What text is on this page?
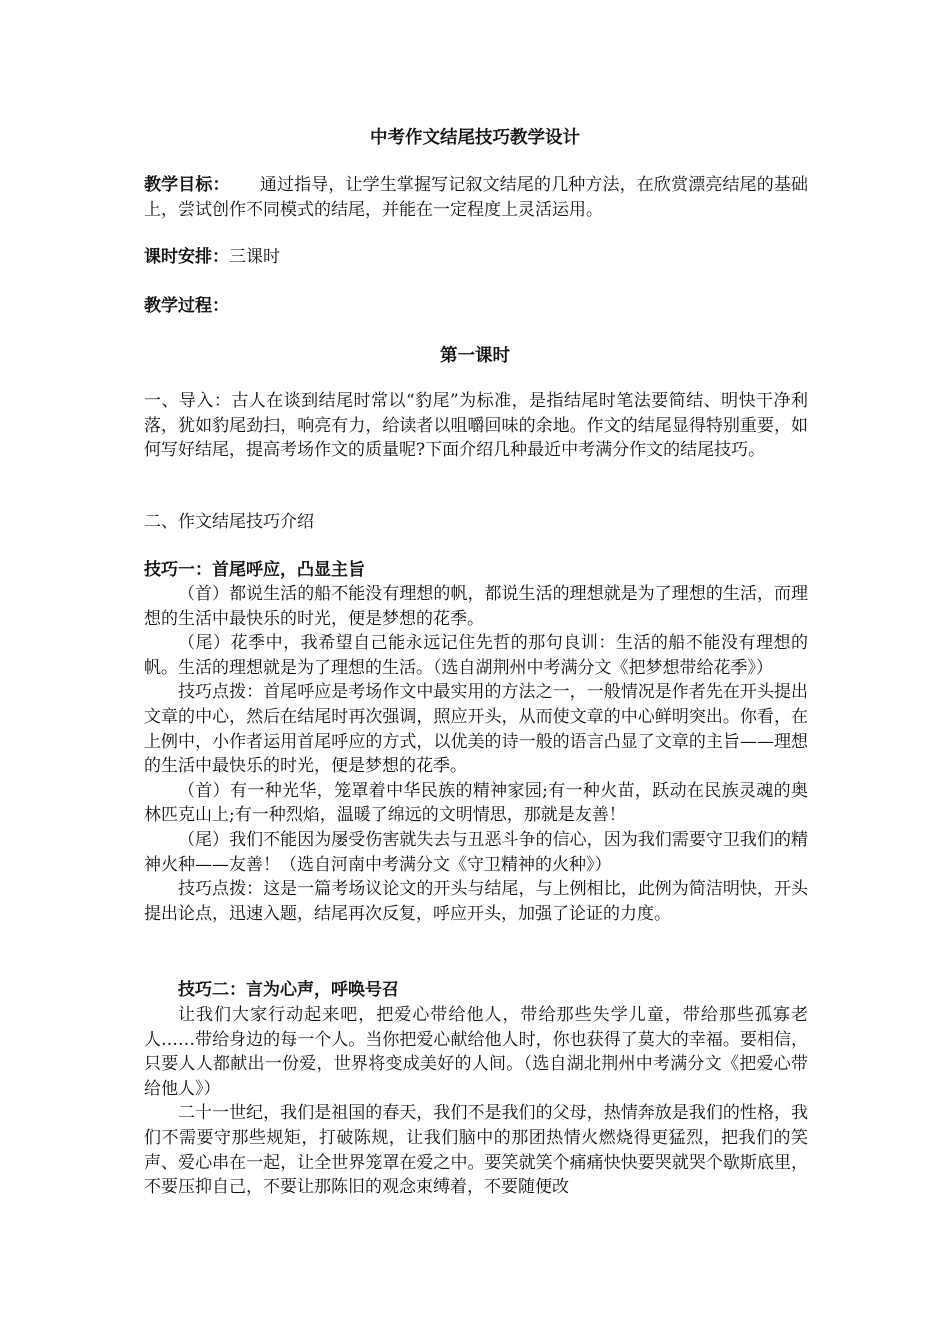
中考作文结尾技巧教学设计
教学目标： 通过指导，让学生掌握写记叙文结尾的几种方法，在欣赏漂亮结尾的基础上，尝试创作不同模式的结尾，并能在一定程度上灵活运用。
课时安排：三课时
教学过程：
第一课时
一、导入：古人在谈到结尾时常以“豹尾”为标准，是指结尾时笔法要简结、明快干净利落，犹如豹尾劲扫，响亮有力，给读者以咀嚼回味的余地。作文的结尾显得特别重要，如何写好结尾，提高考场作文的质量呢?下面介绍几种最近中考满分作文的结尾技巧。
二、作文结尾技巧介绍
技巧一：首尾呼应，凸显主旨

（首）都说生活的船不能没有理想的帆，都说生活的理想就是为了理想的生活，而理想的生活中最快乐的时光，便是梦想的花季。

（尾）花季中，我希望自己能永远记住先哲的那句良训：生活的船不能没有理想的帆。生活的理想就是为了理想的生活。（选自湖荆州中考满分文《把梦想带给花季》）

技巧点拨：首尾呼应是考场作文中最实用的方法之一，一般情况是作者先在开头提出文章的中心，然后在结尾时再次强调，照应开头，从而使文章的中心鲜明突出。你看，在上例中，小作者运用首尾呼应的方式，以优美的诗一般的语言凸显了文章的主旨——理想的生活中最快乐的时光，便是梦想的花季。

（首）有一种光华，笼罩着中华民族的精神家园;有一种火苗，跃动在民族灵魂的奥林匹克山上;有一种烈焰，温暖了绵远的文明情思，那就是友善！

（尾）我们不能因为屡受伤害就失去与丑恶斗争的信心，因为我们需要守卫我们的精神火种——友善！（选自河南中考满分文《守卫精神的火种》）

技巧点拨：这是一篇考场议论文的开头与结尾，与上例相比，此例为简洁明快，开头提出论点，迅速入题，结尾再次反复，呼应开头，加强了论证的力度。

技巧二：言为心声，呼唤号召

让我们大家行动起来吧，把爱心带给他人，带给那些失学儿童，带给那些孤寡老人……带给身边的每一个人。当你把爱心献给他人时，你也获得了莫大的幸福。要相信，只要人人都献出一份爱，世界将变成美好的人间。（选自湖北荆州中考满分文《把爱心带给他人》）

二十一世纪，我们是祖国的春天，我们不是我们的父母，热情奔放是我们的性格，我们不需要守那些规矩，打破陈规，让我们脑中的那团热情火燃烧得更猛烈，把我们的笑声、爱心串在一起，让全世界笼罩在爱之中。要笑就笑个痛痛快快要哭就哭个歇斯底里，不要压抑自己，不要让那陈旧的观念束缚着，不要随便改
